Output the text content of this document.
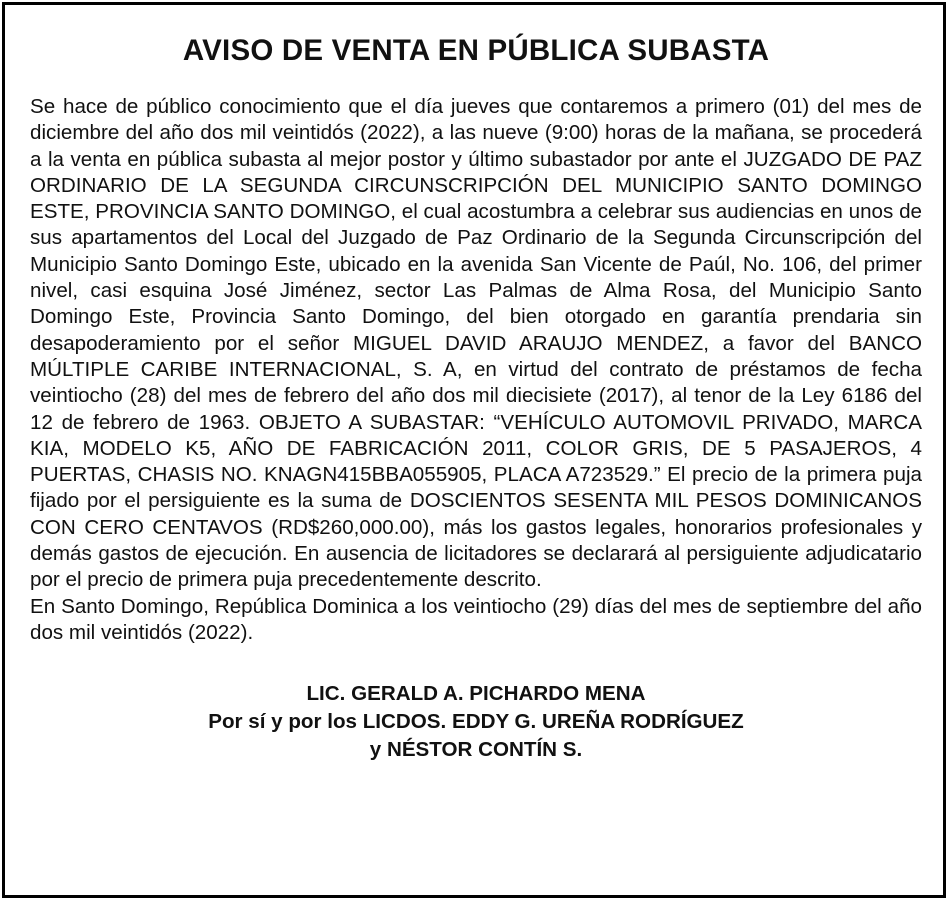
AVISO DE VENTA EN PÚBLICA SUBASTA

Se hace de público conocimiento que el día jueves que contaremos a primero (01) del mes de diciembre del año dos mil veintidós (2022), a las nueve (9:00) horas de la mañana, se procederá a la venta en pública subasta al mejor postor y último subastador por ante el JUZGADO DE PAZ ORDINARIO DE LA SEGUNDA CIRCUNSCRIPCIÓN DEL MUNICIPIO SANTO DOMINGO ESTE, PROVINCIA SANTO DOMINGO, el cual acostumbra a celebrar sus audiencias en unos de sus apartamentos del Local del Juzgado de Paz Ordinario de la Segunda Circunscripción del Municipio Santo Domingo Este, ubicado en la avenida San Vicente de Paúl, No. 106, del primer nivel, casi esquina José Jiménez, sector Las Palmas de Alma Rosa, del Municipio Santo Domingo Este, Provincia Santo Domingo, del bien otorgado en garantía prendaria sin desapoderamiento por el señor MIGUEL DAVID ARAUJO MENDEZ, a favor del BANCO MÚLTIPLE CARIBE INTERNACIONAL, S. A, en virtud del contrato de préstamos de fecha veintiocho (28) del mes de febrero del año dos mil diecisiete (2017), al tenor de la Ley 6186 del 12 de febrero de 1963. OBJETO A SUBASTAR: “VEHÍCULO AUTOMOVIL PRIVADO, MARCA KIA, MODELO K5, AÑO DE FABRICACIÓN 2011, COLOR GRIS, DE 5 PASAJEROS, 4 PUERTAS, CHASIS NO. KNAGN415BBA055905, PLACA A723529.” El precio de la primera puja fijado por el persiguiente es la suma de DOSCIENTOS SESENTA MIL PESOS DOMINICANOS CON CERO CENTAVOS (RD$260,000.00), más los gastos legales, honorarios profesionales y demás gastos de ejecución. En ausencia de licitadores se declarará al persiguiente adjudicatario por el precio de primera puja precedentemente descrito.

En Santo Domingo, República Dominica a los veintiocho (29) días del mes de septiembre del año dos mil veintidós (2022).

LIC. GERALD A. PICHARDO MENA
Por sí y por los LICDOS. EDDY G. UREÑA RODRÍGUEZ
y NÉSTOR CONTÍN S.
